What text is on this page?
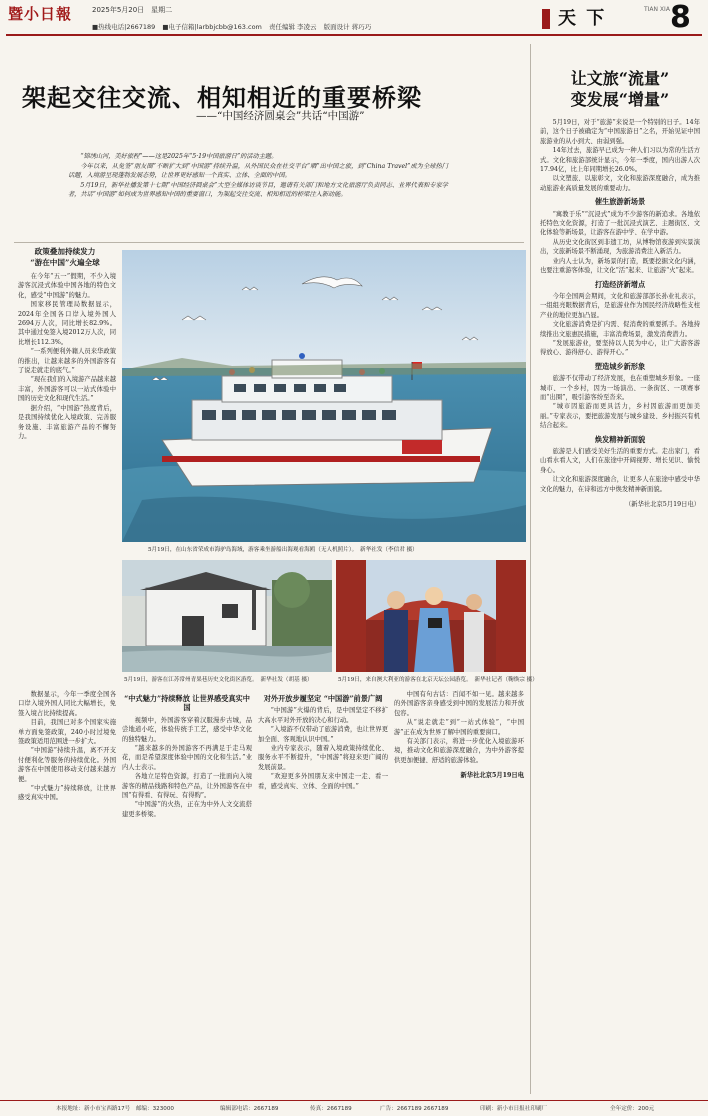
暨小日報	2025年5月20日　星期二
■热线电话|2667189 ■电子信箱|larbbjcbb@163.com 责任编辑 李凌云 版面设计 蒋巧巧	天 下	TIAN XIA 8
架起交往交流、相知相近的重要桥梁
——“中国经济圆桌会”共话“中国游”

“锦绣山河，美好旅程”——这是2025年“5·19中国旅游日”的活动主题。

今年以来，从免签“朋友圈”不断扩大到“中国游”持续升温，从外国民众在社交平台“晒”出中国之旅，到“China Travel”成为全球热门话题，入境游呈现蓬勃发展态势，让世界更好感知一个真实、立体、全面的中国。

5月19日，新华社播发第十七期“中国经济圆桌会”大型全媒体访谈节目，邀请有关部门和地方文化旅游厅负责同志、业界代表和专家学者，共话“中国游”如何成为世界感知中国的重要窗口，为架起交往交流、相知相近的桥梁注入新动能。

政策叠加持续发力
“游在中国”火遍全球

在今年“五一”假期，不少入境游客沉浸式体验中国各地的特色文化，感受“中国游”的魅力。

国家移民管理局数据显示，2024年全国各口岸入境外国人2694万人次，同比增长82.9%。其中通过免签入境2012万人次，同比增长112.3%。

“一系列便利外籍人员来华政策的推出，让越来越多的外国游客有了说走就走的底气。”

“现在我们的入境游产品越来越丰富，外国游客可以一站式体验中国的历史文化和现代生活。”

据介绍，“中国游”热度背后，是我国持续优化入境政策、完善服务设施、丰富旅游产品的不懈努力。

5月19日，在山东省荣成市海驴岛海域，游客乘坐游船出海观看海鸥（无人机照片）。　新华社发（李信君 摄）
5月19日，游客在江苏常州青果巷历史文化街区游览。　新华社发（胡基 摄）	5月19日，来自澳大利亚的游客在北京天坛公园游览。　新华社记者（鞠焕宗 摄）

数据显示，今年一季度全国各口岸入境外国人同比大幅增长，免签入境占比持续提高。

目前，我国已对多个国家实施单方面免签政策，240小时过境免签政策适用范围进一步扩大。

“中国游”持续升温，离不开支付便利化等服务的持续优化。外国游客在中国使用移动支付越来越方便。

“中式魅力”持续释放，让世界感受真实中国。

“中式魅力”持续释放 让世界感受真实中国

视频中，外国游客穿着汉服漫步古城，品尝地道小吃，体验传统手工艺，感受中华文化的独特魅力。

“越来越多的外国游客不再满足于走马观花，而是希望深度体验中国的文化和生活。”业内人士表示。

各地立足特色资源，打造了一批面向入境游客的精品线路和特色产品，让外国游客在中国“有得看、有得玩、有得购”。

“中国游”的火热，正在为中外人文交流搭建更多桥梁。

对外开放步履坚定 “中国游”前景广阔

“中国游”火爆的背后，是中国坚定不移扩大高水平对外开放的决心和行动。

“入境游不仅带动了旅游消费，也让世界更加全面、客观地认识中国。”

业内专家表示，随着入境政策持续优化、服务水平不断提升，“中国游”将迎来更广阔的发展前景。

“欢迎更多外国朋友来中国走一走、看一看，感受真实、立体、全面的中国。”

中国有句古话：百闻不如一见。越来越多的外国游客亲身感受到中国的发展活力和开放包容。

从“说走就走”到“一站式体验”，“中国游”正在成为世界了解中国的重要窗口。

有关部门表示，将进一步优化入境旅游环境，推动文化和旅游深度融合，为中外游客提供更加便捷、舒适的旅游体验。

新华社北京5月19日电
让文旅“流量”
变发展“增量”

5月19日，对于“旅游”来说是一个特别的日子。14年前，这个日子被确定为“中国旅游日”之名，开始见证中国旅游业的从小到大、由弱到强。

14年过去，旅游早已成为一种人们习以为常的生活方式。文化和旅游部统计显示，今年一季度，国内出游人次17.94亿，比上年同期增长26.0%。

以文塑旅、以旅彰文，文化和旅游深度融合，成为推动旅游业高质量发展的重要动力。

催生旅游新场景

“寓教于乐”“沉浸式”成为不少游客的新追求。各地依托特色文化资源，打造了一批沉浸式演艺、主题街区、文化体验等新场景，让游客在游中学、在学中游。

从历史文化街区到非遗工坊，从博物馆夜游到实景演出，文旅新场景不断涌现，为旅游消费注入新活力。

业内人士认为，新场景的打造，既要挖掘文化内涵，也要注重游客体验，让文化“活”起来、让旅游“火”起来。

打造经济新增点

今年全国两会期间，文化和旅游部部长孙业礼表示，一组组亮眼数据背后，是旅游业作为国民经济战略性支柱产业的地位更加凸显。

文化旅游消费是扩内需、促消费的重要抓手。各地持续推出文旅惠民措施，丰富消费场景，激发消费潜力。

“发展旅游业，要坚持以人民为中心，让广大游客游得放心、游得舒心、游得开心。”

塑造城乡新形象

旅游不仅带动了经济发展，也在重塑城乡形象。一座城市、一个乡村，因为一场演出、一条街区、一项赛事而“出圈”，吸引游客纷至沓来。

“城市因旅游而更具活力，乡村因旅游而更加美丽。”专家表示，要把旅游发展与城乡建设、乡村振兴有机结合起来。

焕发精神新面貌

旅游是人们感受美好生活的重要方式。走出家门，看山看水看人文，人们在旅途中开阔视野、增长见识、愉悦身心。

让文化和旅游深度融合，让更多人在旅途中感受中华文化的魅力，在诗和远方中焕发精神新面貌。

（新华社北京5月19日电）
本报地址：新小市宝西路17号　邮编：323000	编辑部电话：2667189	传真：2667189	广告：2667189 2667189	印刷：新小市日报社印刷厂	全年定价：200元
